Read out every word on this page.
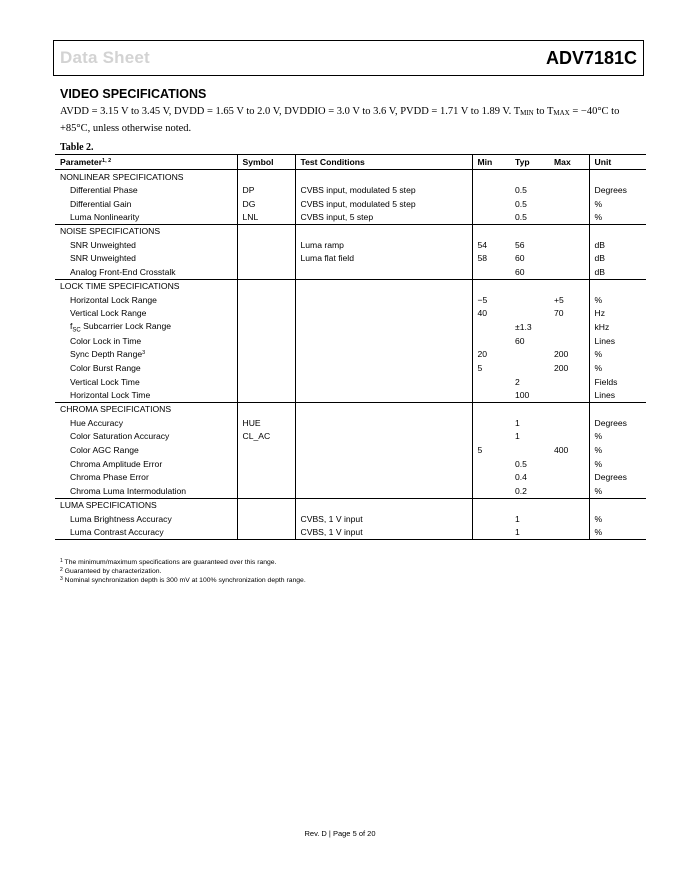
Data Sheet	ADV7181C
VIDEO SPECIFICATIONS
AVDD = 3.15 V to 3.45 V, DVDD = 1.65 V to 2.0 V, DVDDIO = 3.0 V to 3.6 V, PVDD = 1.71 V to 1.89 V. $T_{MIN}$ to $T_{MAX} = -40^\circ C$ to +85°C, unless otherwise noted.
Table 2.
Parameter$^{1, 2}$	Symbol	Test Conditions	Min	Typ	Max	Unit
NONLINEAR SPECIFICATIONS						
Differential Phase	DP	CVBS input, modulated 5 step		0.5		Degrees
Differential Gain	DG	CVBS input, modulated 5 step		0.5		%
Luma Nonlinearity	LNL	CVBS input, 5 step		0.5		%
NOISE SPECIFICATIONS						
SNR Unweighted		Luma ramp	54	56		dB
SNR Unweighted		Luma flat field	58	60		dB
Analog Front-End Crosstalk				60		dB
LOCK TIME SPECIFICATIONS						
Horizontal Lock Range			−5		+5	%
Vertical Lock Range			40		70	Hz
$f_{SC}$ Subcarrier Lock Range				±1.3		kHz
Color Lock in Time				60		Lines
Sync Depth Range$^3$			20		200	%
Color Burst Range			5		200	%
Vertical Lock Time				2		Fields
Horizontal Lock Time				100		Lines
CHROMA SPECIFICATIONS						
Hue Accuracy	HUE			1		Degrees
Color Saturation Accuracy	CL_AC			1		%
Color AGC Range			5		400	%
Chroma Amplitude Error				0.5		%
Chroma Phase Error				0.4		Degrees
Chroma Luma Intermodulation				0.2		%
LUMA SPECIFICATIONS						
Luma Brightness Accuracy		CVBS, 1 V input		1		%
Luma Contrast Accuracy		CVBS, 1 V input		1		%
$^1$ The minimum/maximum specifications are guaranteed over this range.
$^2$ Guaranteed by characterization.
$^3$ Nominal synchronization depth is 300 mV at 100% synchronization depth range.
Rev. D | Page 5 of 20
